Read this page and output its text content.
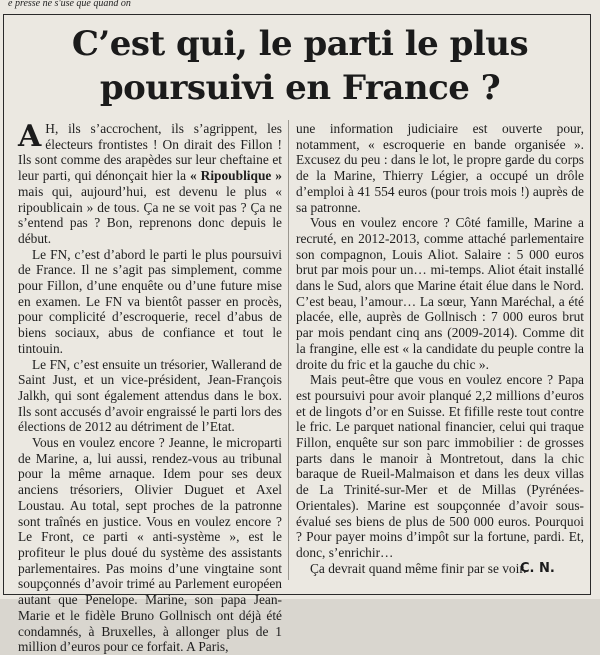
e presse ne s'use que quand on
C’est qui, le parti le plus
poursuivi en France ?

A H, ils s’accrochent, ils s’agrippent, les électeurs frontistes ! On dirait des Fillon ! Ils sont comme des arapèdes sur leur cheftaine et leur parti, qui dénonçait hier la « Ripoublique » mais qui, aujourd’hui, est devenu le plus « ripoublicain » de tous. Ça ne se voit pas ? Ça ne s’entend pas ? Bon, reprenons donc depuis le début.

Le FN, c’est d’abord le parti le plus poursuivi de France. Il ne s’agit pas simplement, comme pour Fillon, d’une enquête ou d’une future mise en examen. Le FN va bientôt passer en procès, pour complicité d’escroquerie, recel d’abus de biens sociaux, abus de confiance et tout le tintouin.

Le FN, c’est ensuite un trésorier, Wallerand de Saint Just, et un vice-président, Jean-François Jalkh, qui sont également attendus dans le box. Ils sont accusés d’avoir engraissé le parti lors des élections de 2012 au détriment de l’Etat.

Vous en voulez encore ? Jeanne, le microparti de Marine, a, lui aussi, rendez-vous au tribunal pour la même arnaque. Idem pour ses deux anciens trésoriers, Olivier Duguet et Axel Loustau. Au total, sept proches de la patronne sont traînés en justice. Vous en voulez encore ? Le Front, ce parti « anti-système », est le profiteur le plus doué du système des assistants parlementaires. Pas moins d’une vingtaine sont soupçonnés d’avoir trimé au Parlement européen autant que Penelope. Marine, son papa Jean-Marie et le fidèle Bruno Gollnisch ont déjà été condamnés, à Bruxelles, à allonger plus de 1 million d’euros pour ce forfait. A Paris,

une information judiciaire est ouverte pour, notamment, « escroquerie en bande organisée ». Excusez du peu : dans le lot, le propre garde du corps de la Marine, Thierry Légier, a occupé un drôle d’emploi à 41 554 euros (pour trois mois !) auprès de sa patronne.

Vous en voulez encore ? Côté famille, Marine a recruté, en 2012-2013, comme attaché parlementaire son compagnon, Louis Aliot. Salaire : 5 000 euros brut par mois pour un… mi-temps. Aliot était installé dans le Sud, alors que Marine était élue dans le Nord. C’est beau, l’amour… La sœur, Yann Maréchal, a été placée, elle, auprès de Gollnisch : 7 000 euros brut par mois pendant cinq ans (2009-2014). Comme dit la frangine, elle est « la candidate du peuple contre la droite du fric et la gauche du chic ».

Mais peut-être que vous en voulez encore ? Papa est poursuivi pour avoir planqué 2,2 millions d’euros et de lingots d’or en Suisse. Et fifille reste tout contre le fric. Le parquet national financier, celui qui traque Fillon, enquête sur son parc immobilier : de grosses parts dans le manoir à Montretout, dans la chic baraque de Rueil-Malmaison et dans les deux villas de La Trinité-sur-Mer et de Millas (Pyrénées-Orientales). Marine est soupçonnée d’avoir sous-évalué ses biens de plus de 500 000 euros. Pourquoi ? Pour payer moins d’impôt sur la fortune, pardi. Et, donc, s’enrichir…

Ça devrait quand même finir par se voir.

C. N.
